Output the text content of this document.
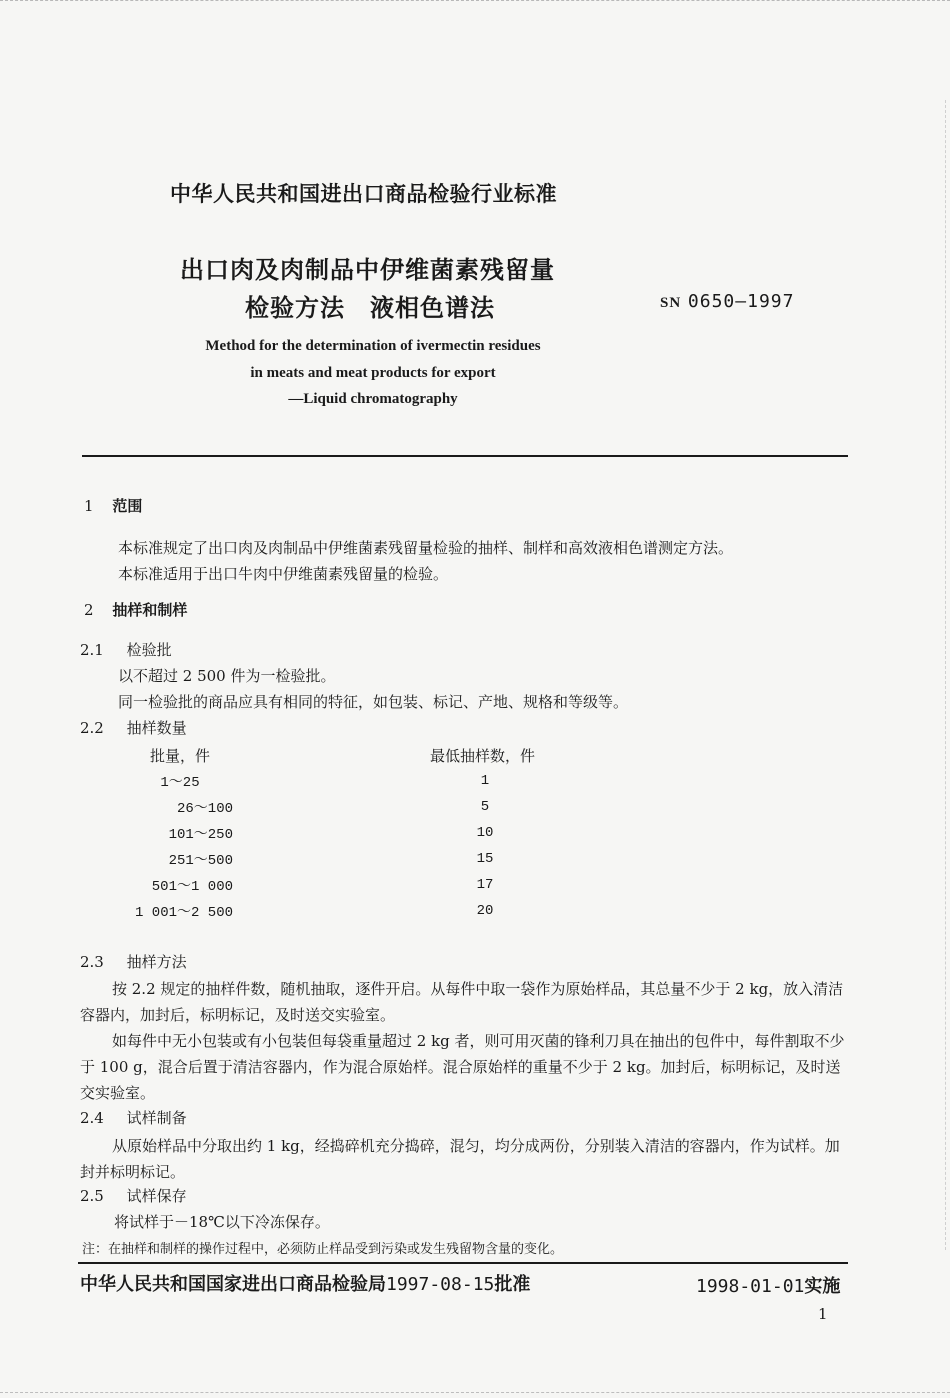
中华人民共和国进出口商品检验行业标准
出口肉及肉制品中伊维菌素残留量
检验方法　液相色谱法	SN 0650—1997
Method for the determination of ivermectin residues
in meats and meat products for export
—Liquid chromatography
1 范围
本标准规定了出口肉及肉制品中伊维菌素残留量检验的抽样、制样和高效液相色谱测定方法。
本标准适用于出口牛肉中伊维菌素残留量的检验。
2 抽样和制样
2.1 检验批
以不超过 2 500 件为一检验批。
同一检验批的商品应具有相同的特征，如包装、标记、产地、规格和等级等。
2.2 抽样数量
批量，件	最低抽样数，件
1～25	1
26～100	5
101～250	10
251～500	15
501～1 000	17
1 001～2 500	20
2.3 抽样方法
按 2.2 规定的抽样件数，随机抽取，逐件开启。从每件中取一袋作为原始样品，其总量不少于 2 kg，放入清洁容器内，加封后，标明标记，及时送交实验室。
如每件中无小包装或有小包装但每袋重量超过 2 kg 者，则可用灭菌的锋利刀具在抽出的包件中，每件割取不少于 100 g，混合后置于清洁容器内，作为混合原始样。混合原始样的重量不少于 2 kg。加封后，标明标记，及时送交实验室。
2.4 试样制备
从原始样品中分取出约 1 kg，经捣碎机充分捣碎，混匀，均分成两份，分别装入清洁的容器内，作为试样。加封并标明标记。
2.5 试样保存
将试样于－18℃以下冷冻保存。
注：在抽样和制样的操作过程中，必须防止样品受到污染或发生残留物含量的变化。
中华人民共和国国家进出口商品检验局1997-08-15批准	1998-01-01实施
1
